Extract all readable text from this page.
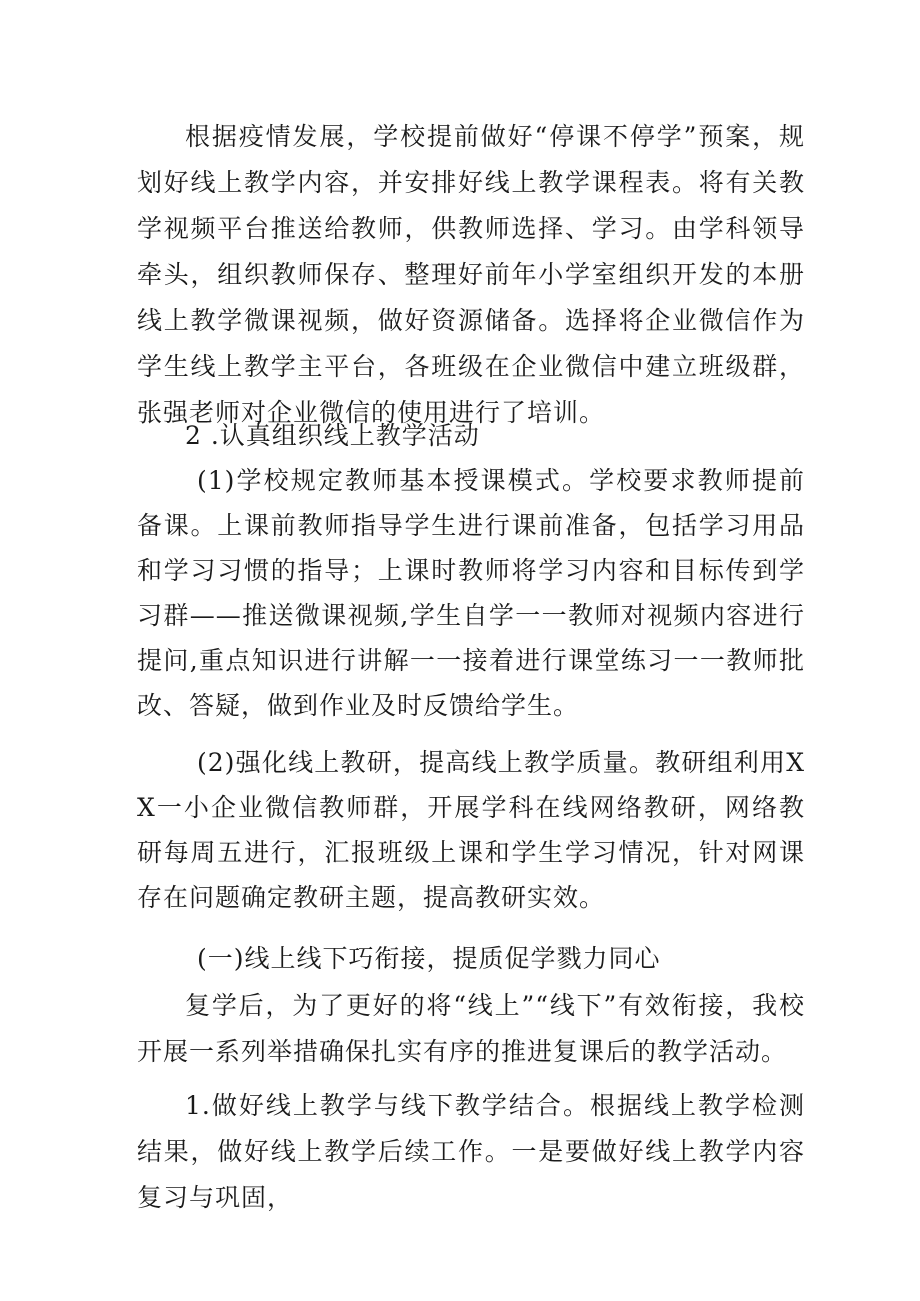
根据疫情发展，学校提前做好“停课不停学”预案，规划好线上教学内容，并安排好线上教学课程表。将有关教学视频平台推送给教师，供教师选择、学习。由学科领导牵头，组织教师保存、整理好前年小学室组织开发的本册线上教学微课视频，做好资源储备。选择将企业微信作为学生线上教学主平台，各班级在企业微信中建立班级群，张强老师对企业微信的使用进行了培训。

2 .认真组织线上教学活动

(1)学校规定教师基本授课模式。学校要求教师提前备课。上课前教师指导学生进行课前准备，包括学习用品和学习习惯的指导；上课时教师将学习内容和目标传到学习群——推送微课视频,学生自学一一教师对视频内容进行提问,重点知识进行讲解一一接着进行课堂练习一一教师批改、答疑，做到作业及时反馈给学生。

(2)强化线上教研，提高线上教学质量。教研组利用XX一小企业微信教师群，开展学科在线网络教研，网络教研每周五进行，汇报班级上课和学生学习情况，针对网课存在问题确定教研主题，提高教研实效。

(一)线上线下巧衔接，提质促学戮力同心

复学后，为了更好的将“线上”“线下”有效衔接，我校开展一系列举措确保扎实有序的推进复课后的教学活动。

1.做好线上教学与线下教学结合。根据线上教学检测结果，做好线上教学后续工作。一是要做好线上教学内容复习与巩固，
